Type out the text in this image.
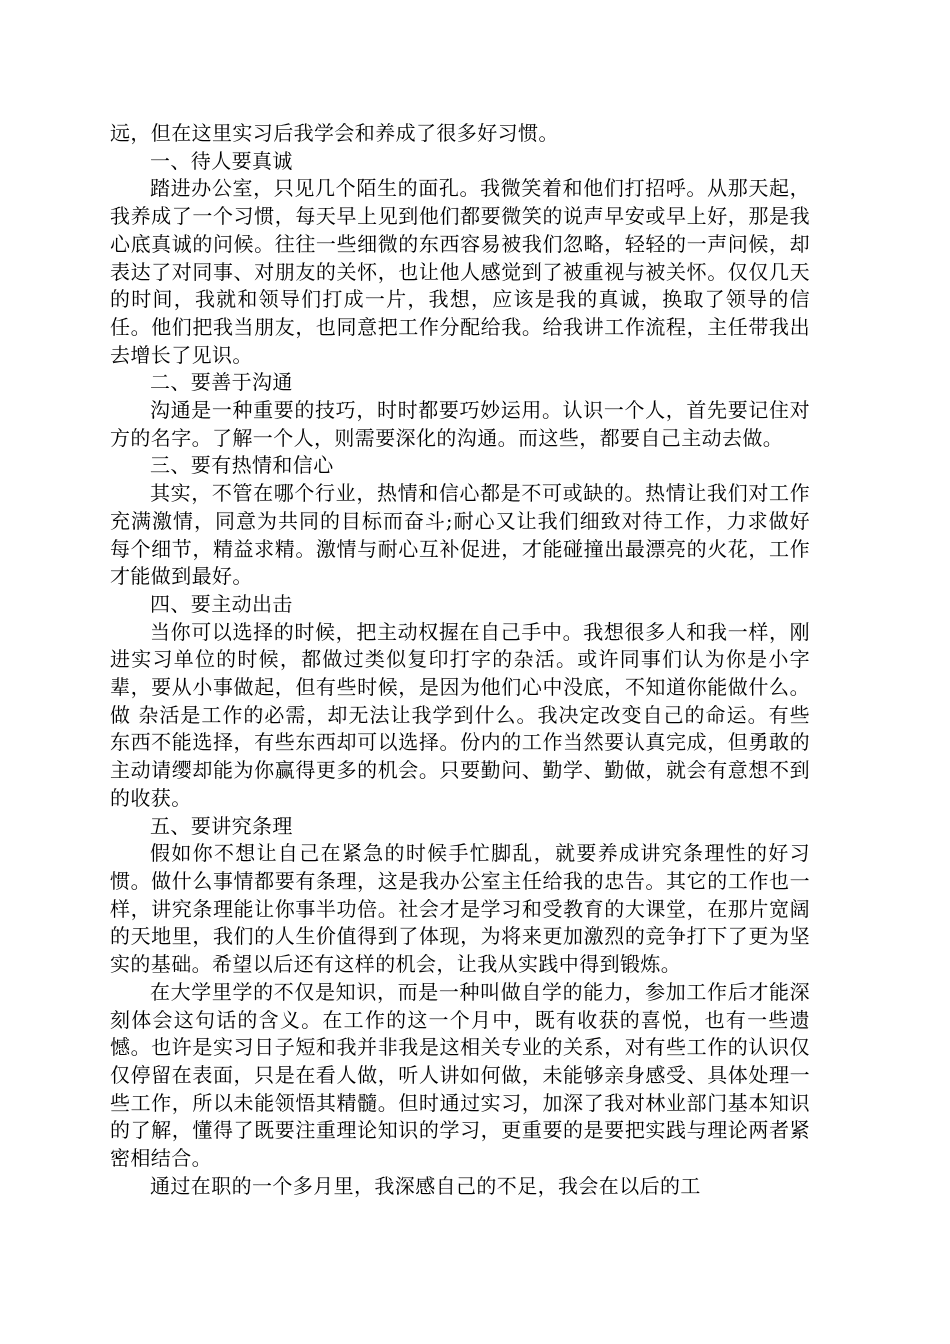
远，但在这里实习后我学会和养成了很多好习惯。

一、待人要真诚

踏进办公室，只见几个陌生的面孔。我微笑着和他们打招呼。从那天起，我养成了一个习惯，每天早上见到他们都要微笑的说声早安或早上好，那是我心底真诚的问候。往往一些细微的东西容易被我们忽略，轻轻的一声问候，却表达了对同事、对朋友的关怀，也让他人感觉到了被重视与被关怀。仅仅几天的时间，我就和领导们打成一片，我想，应该是我的真诚，换取了领导的信任。他们把我当朋友，也同意把工作分配给我。给我讲工作流程，主任带我出去增长了见识。

二、要善于沟通

沟通是一种重要的技巧，时时都要巧妙运用。认识一个人，首先要记住对方的名字。了解一个人，则需要深化的沟通。而这些，都要自己主动去做。

三、要有热情和信心

其实，不管在哪个行业，热情和信心都是不可或缺的。热情让我们对工作充满激情，同意为共同的目标而奋斗;耐心又让我们细致对待工作，力求做好每个细节，精益求精。激情与耐心互补促进，才能碰撞出最漂亮的火花，工作才能做到最好。

四、要主动出击

当你可以选择的时候，把主动权握在自己手中。我想很多人和我一样，刚进实习单位的时候，都做过类似复印打字的杂活。或许同事们认为你是小字辈，要从小事做起，但有些时候，是因为他们心中没底，不知道你能做什么。做 杂活是工作的必需，却无法让我学到什么。我决定改变自己的命运。有些东西不能选择，有些东西却可以选择。份内的工作当然要认真完成，但勇敢的主动请缨却能为你赢得更多的机会。只要勤问、勤学、勤做，就会有意想不到的收获。

五、要讲究条理

假如你不想让自己在紧急的时候手忙脚乱，就要养成讲究条理性的好习惯。做什么事情都要有条理，这是我办公室主任给我的忠告。其它的工作也一样，讲究条理能让你事半功倍。社会才是学习和受教育的大课堂，在那片宽阔的天地里，我们的人生价值得到了体现，为将来更加激烈的竞争打下了更为坚实的基础。希望以后还有这样的机会，让我从实践中得到锻炼。

在大学里学的不仅是知识，而是一种叫做自学的能力，参加工作后才能深刻体会这句话的含义。在工作的这一个月中，既有收获的喜悦，也有一些遗憾。也许是实习日子短和我并非我是这相关专业的关系，对有些工作的认识仅仅停留在表面，只是在看人做，听人讲如何做，未能够亲身感受、具体处理一些工作，所以未能领悟其精髓。但时通过实习，加深了我对林业部门基本知识的了解，懂得了既要注重理论知识的学习，更重要的是要把实践与理论两者紧密相结合。

通过在职的一个多月里，我深感自己的不足，我会在以后的工
